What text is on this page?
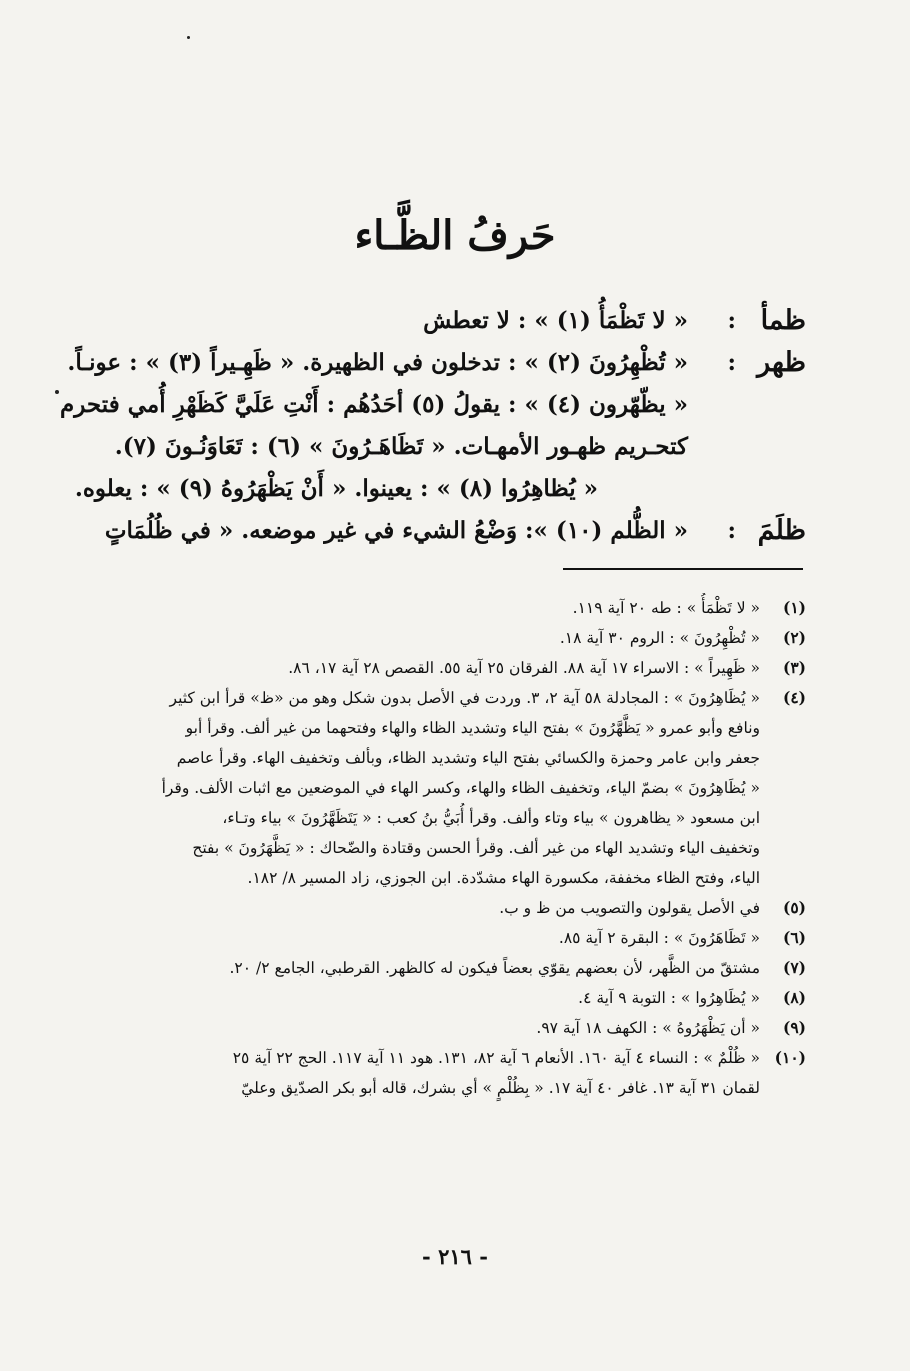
حَرفُ الظَّـاء
ظمأ
:
« لا تَظْمَأُ (١) » : لا تعطش
ظهر
:
« تُظْهِرُونَ (٢) » : تدخلون في الظهيرة. « ظَهِـيراً (٣) » : عونـاً.
« يظّهّرون (٤) » : يقولُ (٥) أحَدُهُم : أَنْتِ عَلَيَّ كَظَهْرِ أُمي فتحرم
كتحـريم ظهـور الأمهـات. « تَظَاهَـرُونَ » (٦) : تَعَاوَنُـونَ (٧).
« يُظاهِرُوا (٨) » : يعينوا. « أَنْ يَظْهَرُوهُ (٩) » : يعلوه.
ظلَمَ
:
« الظُّلم (١٠) »: وَضْعُ الشيء في غير موضعه. « في ظُلُمَاتٍ
(١)
« لا تَظْمَأُ » : طه ٢٠ آية ١١٩.
(٢)
« تُظْهِرُونَ » : الروم ٣٠ آية ١٨.
(٣)
« ظَهِيراً » : الاسراء ١٧ آية ٨٨. الفرقان ٢٥ آية ٥٥. القصص ٢٨ آية ١٧، ٨٦.
(٤)
« يُظَاهِرُونَ » : المجادلة ٥٨ آية ٢، ٣. وردت في الأصل بدون شكل وهو من «ظ» قرأ ابن كثير
ونافع وأبو عمرو « يَظَّهَّرُونَ » بفتح الياء وتشديد الظاء والهاء وفتحهما من غير ألف. وقرأ أبو
جعفر وابن عامر وحمزة والكسائي بفتح الياء وتشديد الظاء، وبألف وتخفيف الهاء. وقرأ عاصم
« يُظَاهِرُونَ » بضمّ الياء، وتخفيف الظاء والهاء، وكسر الهاء في الموضعين مع اثبات الألف. وقرأ
ابن مسعود « يظاهرون » بياء وتاء وألف. وقرأ أُبَيُّ بنُ كعب : « يَتَظَهَّرُونَ » بياء وتـاء،
وتخفيف الياء وتشديد الهاء من غير ألف. وقرأ الحسن وقتادة والضّحاك : « يَظَّهَرُونَ » بفتح
الياء، وفتح الظاء مخففة، مكسورة الهاء مشدّدة. ابن الجوزي، زاد المسير ٨/ ١٨٢.
(٥)
في الأصل يقولون والتصويب من ظ و ب.
(٦)
« تَظَاهَرُونَ » : البقرة ٢ آية ٨٥.
(٧)
مشتقّ من الظَّهر، لأن بعضهم يقوّي بعضاً فيكون له كالظهر. القرطبي، الجامع ٢/ ٢٠.
(٨)
« يُظَاهِرُوا » : التوبة ٩ آية ٤.
(٩)
« أن يَظْهَرُوهُ » : الكهف ١٨ آية ٩٧.
(١٠)
« ظُلْمٌ » : النساء ٤ آية ١٦٠. الأنعام ٦ آية ٨٢، ١٣١. هود ١١ آية ١١٧. الحج ٢٢ آية ٢٥
لقمان ٣١ آية ١٣. غافر ٤٠ آية ١٧. « بِظُلْمٍ » أي بشرك، قاله أبو بكر الصدّيق وعليّ
- ٢١٦ -
